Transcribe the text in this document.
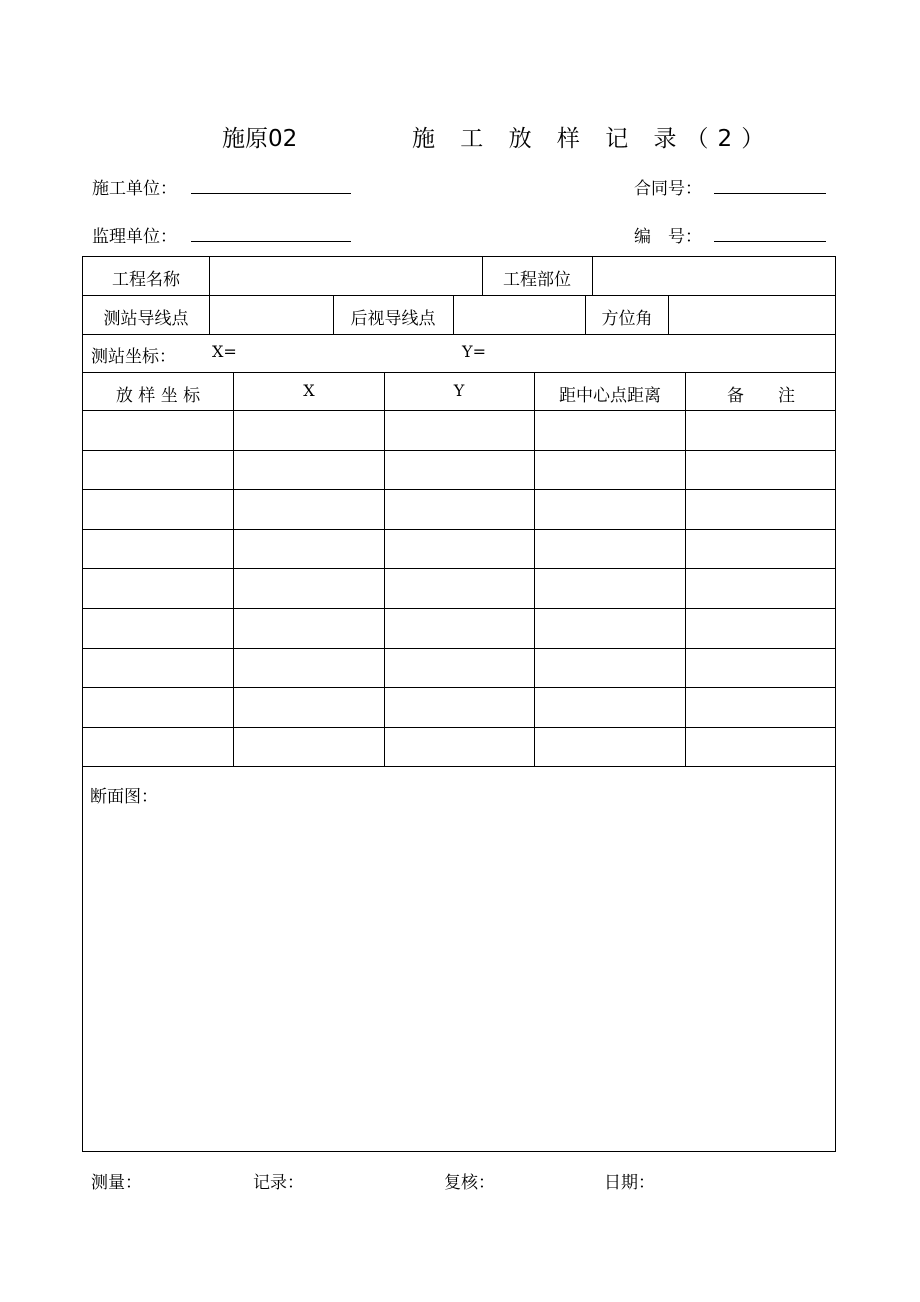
施原02	施 工 放 样 记 录（2）
施工单位：	合同号：
监理单位：	编　号：
工程名称	工程部位
测站导线点	后视导线点	方位角
测站坐标： X=	Y=
放 样 坐 标	X	Y	距中心点距离	备　　注
断面图：
测量：	记录：	复核：	日期：
